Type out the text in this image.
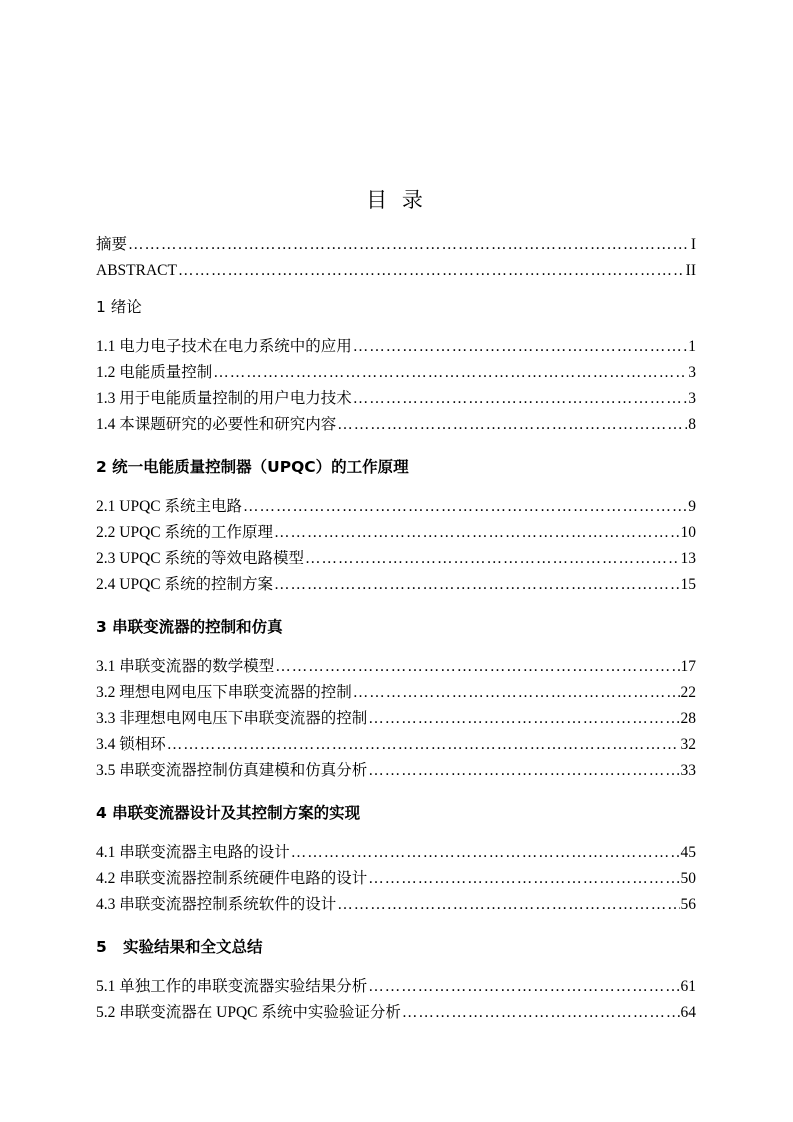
目 录
摘要 ……………………………………………………………………………………………………………………………………………………………………	I
ABSTRACT ……………………………………………………………………………………………………………………………………………………………………	II
1 绪论
1.1 电力电子技术在电力系统中的应用 ……………………………………………………………………………………………………………………………………………………………………	1
1.2 电能质量控制 ……………………………………………………………………………………………………………………………………………………………………	3
1.3 用于电能质量控制的用户电力技术 ……………………………………………………………………………………………………………………………………………………………………	3
1.4 本课题研究的必要性和研究内容 ……………………………………………………………………………………………………………………………………………………………………	8
2 统一电能质量控制器（UPQC）的工作原理
2.1 UPQC 系统主电路 ……………………………………………………………………………………………………………………………………………………………………	9
2.2 UPQC 系统的工作原理 ……………………………………………………………………………………………………………………………………………………………………	10
2.3 UPQC 系统的等效电路模型 ……………………………………………………………………………………………………………………………………………………………………	13
2.4 UPQC 系统的控制方案 ……………………………………………………………………………………………………………………………………………………………………	15
3 串联变流器的控制和仿真
3.1 串联变流器的数学模型 ……………………………………………………………………………………………………………………………………………………………………	17
3.2 理想电网电压下串联变流器的控制 ……………………………………………………………………………………………………………………………………………………………………	22
3.3 非理想电网电压下串联变流器的控制 ……………………………………………………………………………………………………………………………………………………………………	28
3.4 锁相环 ……………………………………………………………………………………………………………………………………………………………………	32
3.5 串联变流器控制仿真建模和仿真分析 ……………………………………………………………………………………………………………………………………………………………………	33
4 串联变流器设计及其控制方案的实现
4.1 串联变流器主电路的设计 ……………………………………………………………………………………………………………………………………………………………………	45
4.2 串联变流器控制系统硬件电路的设计 ……………………………………………………………………………………………………………………………………………………………………	50
4.3 串联变流器控制系统软件的设计 ……………………………………………………………………………………………………………………………………………………………………	56
5   实验结果和全文总结
5.1 单独工作的串联变流器实验结果分析 ……………………………………………………………………………………………………………………………………………………………………	61
5.2 串联变流器在 UPQC 系统中实验验证分析 ……………………………………………………………………………………………………………………………………………………………………	64
